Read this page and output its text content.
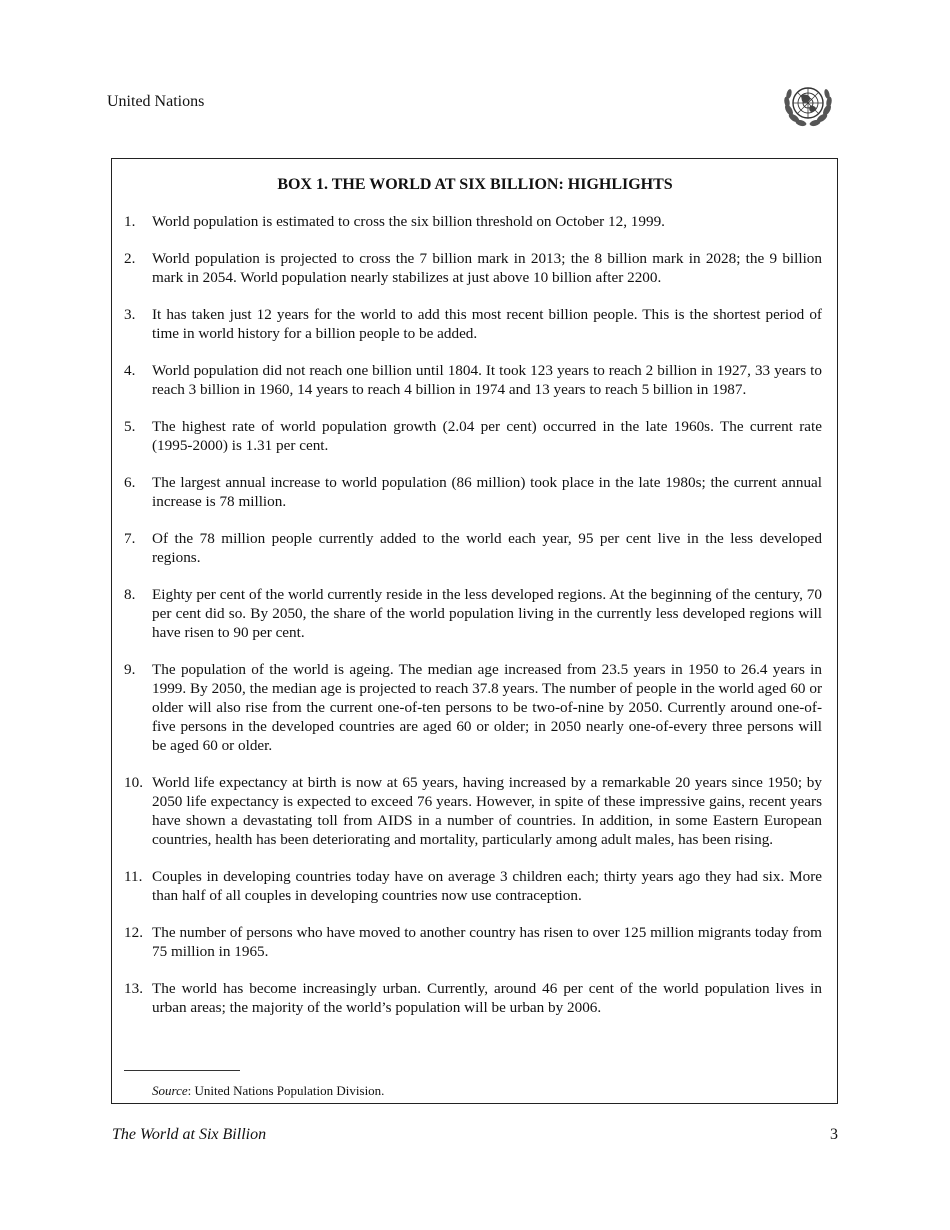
United Nations
BOX 1. THE WORLD AT SIX BILLION: HIGHLIGHTS
1.	World population is estimated to cross the six billion threshold on October 12, 1999.
2.	World population is projected to cross the 7 billion mark in 2013; the 8 billion mark in 2028; the 9 billion mark in 2054. World population nearly stabilizes at just above 10 billion after 2200.
3.	It has taken just 12 years for the world to add this most recent billion people. This is the shortest period of time in world history for a billion people to be added.
4.	World population did not reach one billion until 1804. It took 123 years to reach 2 billion in 1927, 33 years to reach 3 billion in 1960, 14 years to reach 4 billion in 1974 and 13 years to reach 5 billion in 1987.
5.	The highest rate of world population growth (2.04 per cent) occurred in the late 1960s. The current rate (1995-2000) is 1.31 per cent.
6.	The largest annual increase to world population (86 million) took place in the late 1980s; the current annual increase is 78 million.
7.	Of the 78 million people currently added to the world each year, 95 per cent live in the less developed regions.
8.	Eighty per cent of the world currently reside in the less developed regions. At the beginning of the century, 70 per cent did so. By 2050, the share of the world population living in the currently less developed regions will have risen to 90 per cent.
9.	The population of the world is ageing. The median age increased from 23.5 years in 1950 to 26.4 years in 1999. By 2050, the median age is projected to reach 37.8 years. The number of people in the world aged 60 or older will also rise from the current one-of-ten persons to be two-of-nine by 2050. Currently around one-of-five persons in the developed countries are aged 60 or older; in 2050 nearly one-of-every three persons will be aged 60 or older.
10. World life expectancy at birth is now at 65 years, having increased by a remarkable 20 years since 1950; by 2050 life expectancy is expected to exceed 76 years. However, in spite of these impressive gains, recent years have shown a devastating toll from AIDS in a number of countries. In addition, in some Eastern European countries, health has been deteriorating and mortality, particularly among adult males, has been rising.
11. Couples in developing countries today have on average 3 children each; thirty years ago they had six. More than half of all couples in developing countries now use contraception.
12. The number of persons who have moved to another country has risen to over 125 million migrants today from 75 million in 1965.
13. The world has become increasingly urban. Currently, around 46 per cent of the world population lives in urban areas; the majority of the world’s population will be urban by 2006.
Source: United Nations Population Division.
The World at Six Billion	3
